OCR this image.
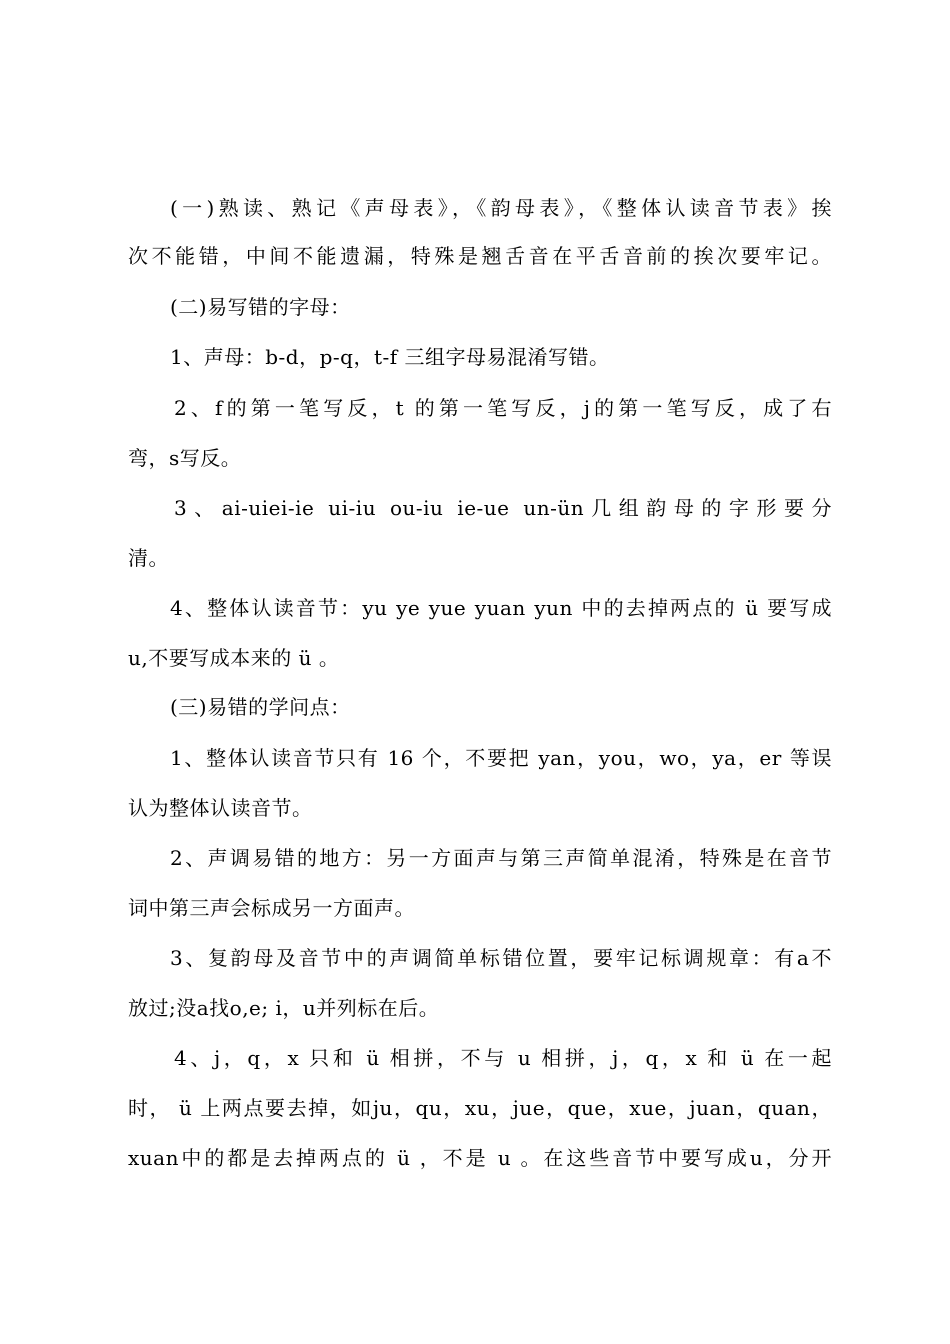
(一)熟读、熟记《声母表》，《韵母表》，《整体认读音节表》挨
次不能错，中间不能遗漏，特殊是翘舌音在平舌音前的挨次要牢记。
(二)易写错的字母：
1、声母：b-d，p-q，t-f 三组字母易混淆写错。
2、f的第一笔写反，t 的第一笔写反，j的第一笔写反，成了右
弯，s写反。
3、ai-uiei-ie ui-iu ou-iu ie-ue un-ün几组韵母的字形要分
清。
4、整体认读音节：yu ye yue yuan yun 中的去掉两点的 ü 要写成
u,不要写成本来的 ü 。
(三)易错的学问点：
1、整体认读音节只有 16 个，不要把 yan，you，wo，ya，er 等误
认为整体认读音节。
2、声调易错的地方：另一方面声与第三声简单混淆，特殊是在音节
词中第三声会标成另一方面声。
3、复韵母及音节中的声调简单标错位置，要牢记标调规章：有a不
放过;没a找o,e; i，u并列标在后。
4、j，q，x 只和 ü 相拼，不与 u 相拼，j，q，x 和 ü 在一起
时， ü 上两点要去掉，如ju，qu，xu，jue，que，xue，juan，quan，
xuan中的都是去掉两点的 ü ，不是 u 。在这些音节中要写成u，分开
